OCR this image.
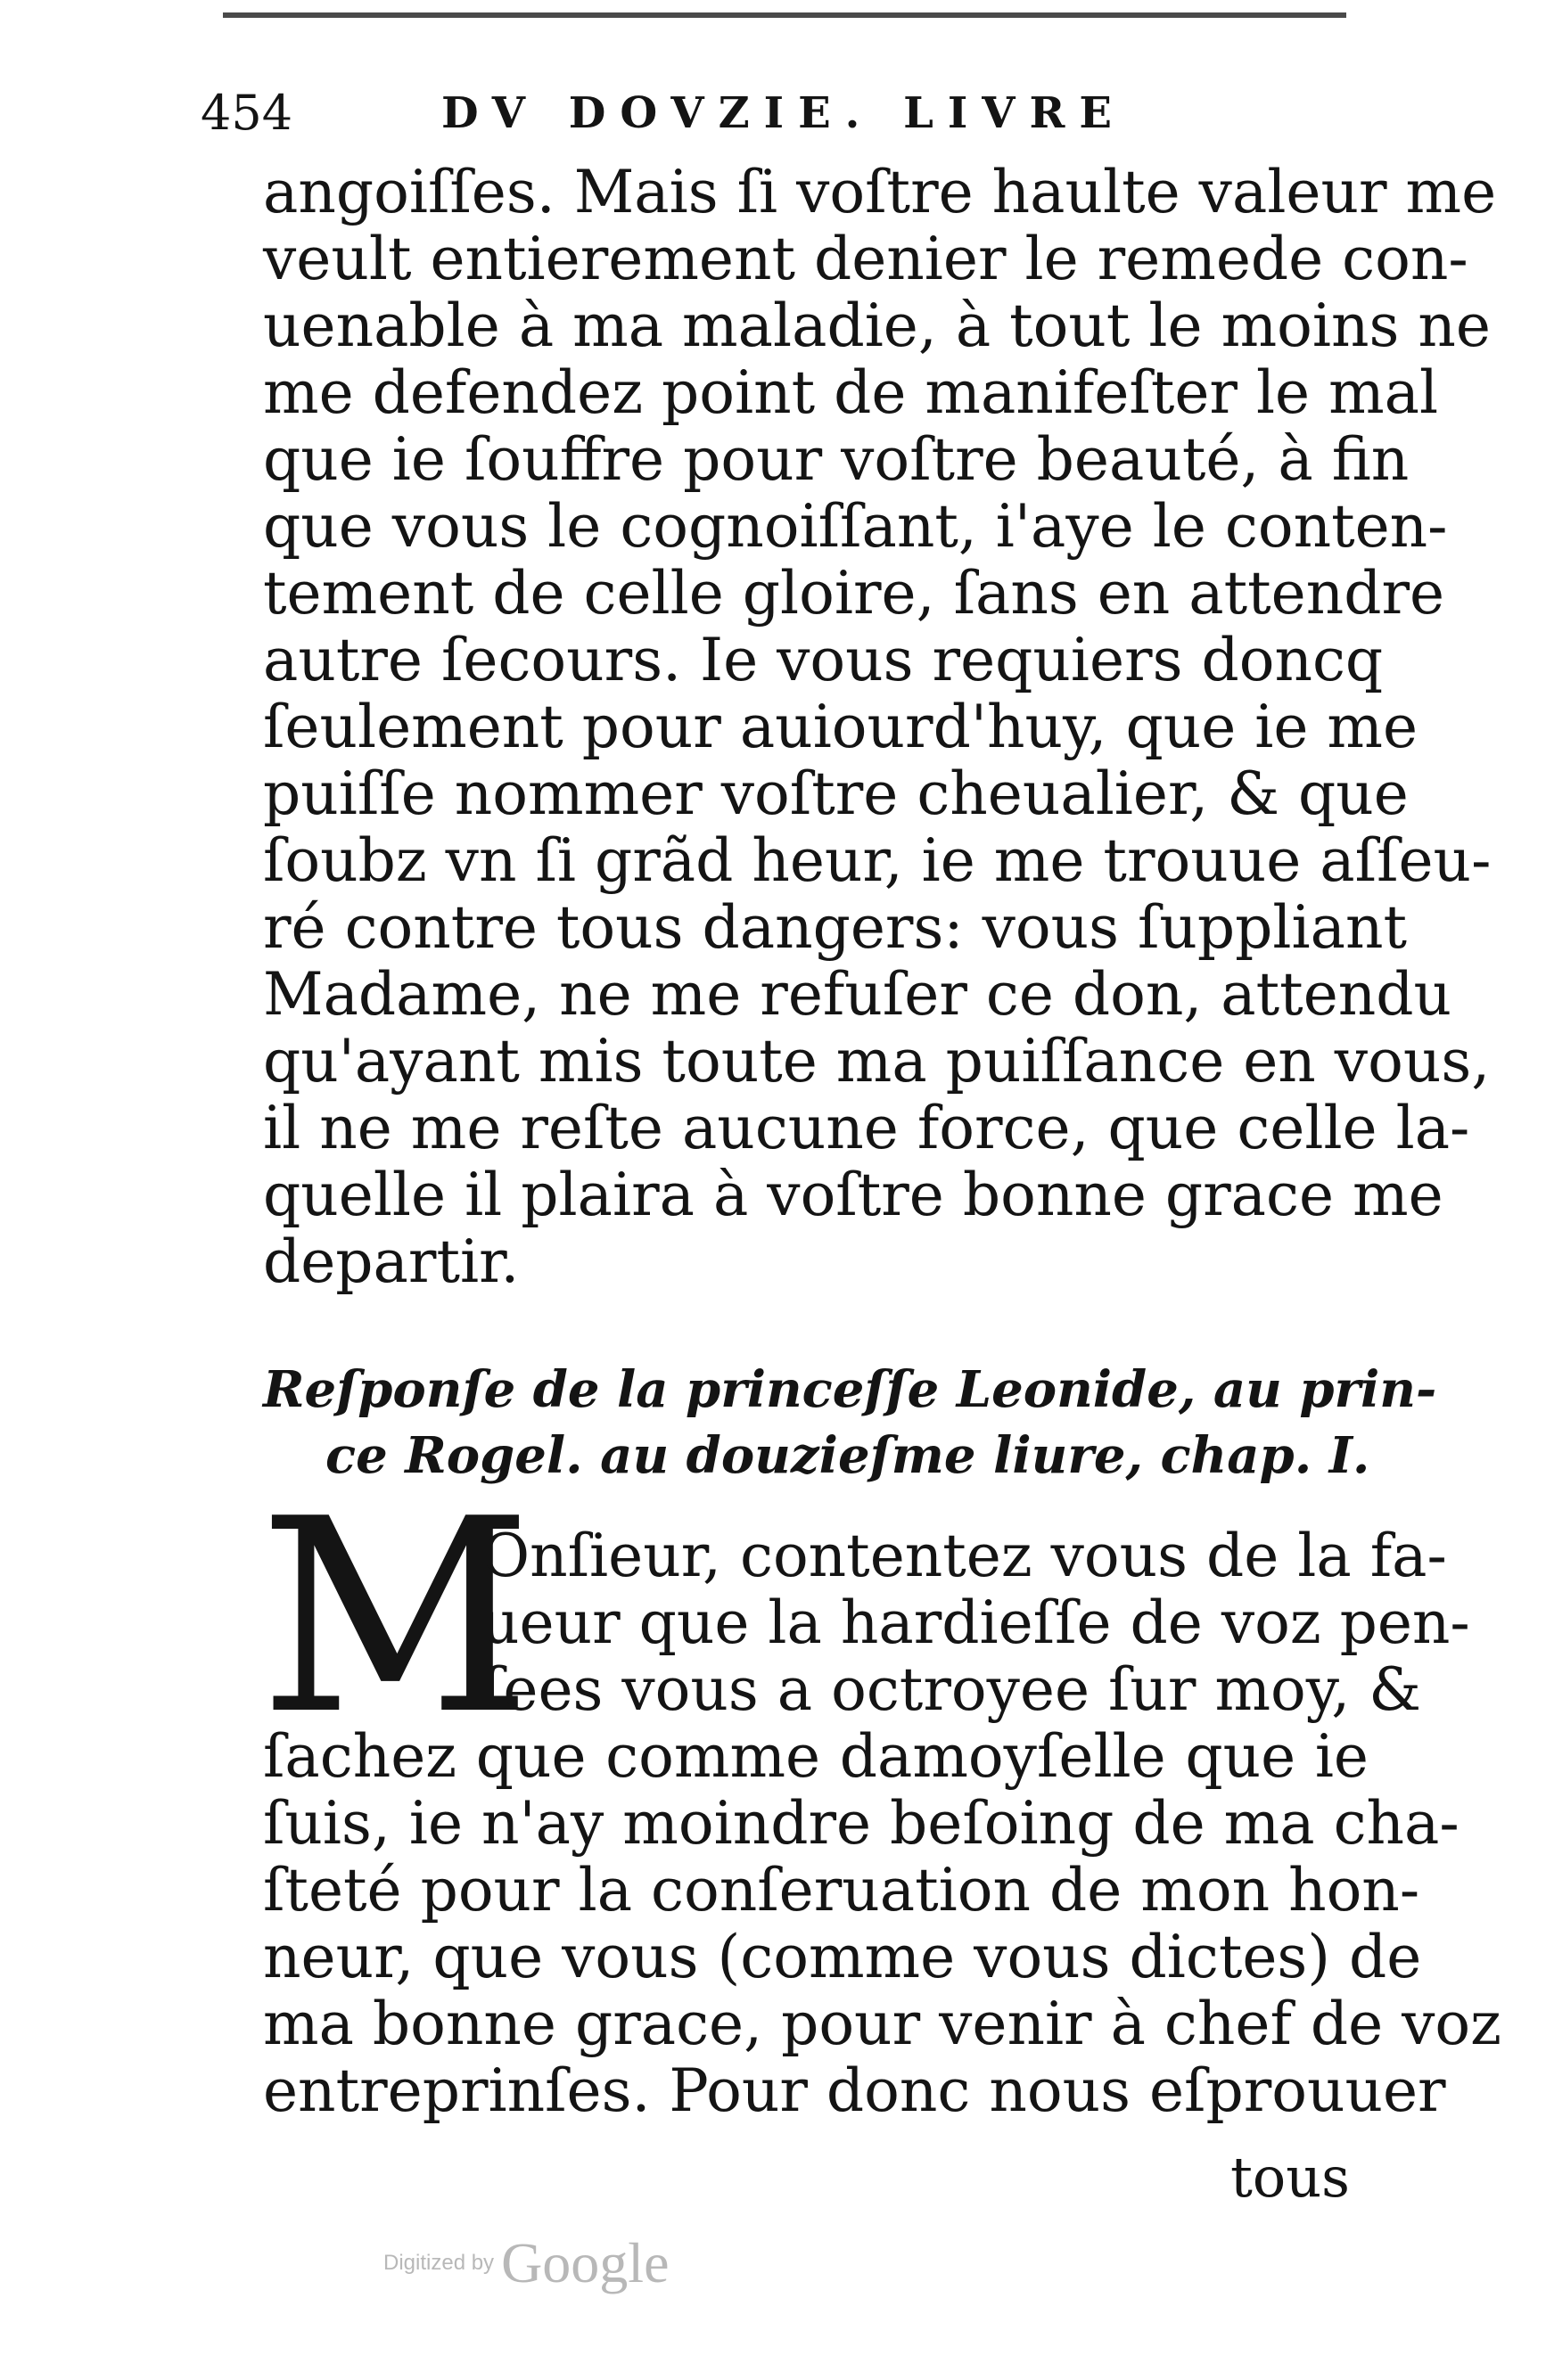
454	DV DOVZIE. LIVRE
angoiſſes. Mais ſi voſtre haulte valeur me
veult entierement denier le remede con-
uenable à ma maladie, à tout le moins ne
me defendez point de manifeſter le mal
que ie ſouffre pour voſtre beauté, à fin
que vous le cognoiſſant, i'aye le conten-
tement de celle gloire, ſans en attendre
autre ſecours. Ie vous requiers doncq
ſeulement pour auiourd'huy, que ie me
puiſſe nommer voſtre cheualier, & que
ſoubz vn ſi grãd heur, ie me trouue aſſeu-
ré contre tous dangers: vous ſuppliant
Madame, ne me refuſer ce don, attendu
qu'ayant mis toute ma puiſſance en vous,
il ne me reſte aucune force, que celle la-
quelle il plaira à voſtre bonne grace me
departir.
Reſponſe de la princeſſe Leonide, au prin-
ce Rogel. au douzieſme liure, chap. I.
M
Onſieur, contentez vous de la fa-
ueur que la hardieſſe de voz pen-
ſees vous a octroyee ſur moy, &
ſachez que comme damoyſelle que ie
ſuis, ie n'ay moindre beſoing de ma cha-
ſteté pour la conſeruation de mon hon-
neur, que vous (comme vous dictes) de
ma bonne grace, pour venir à chef de voz
entreprinſes. Pour donc nous eſprouuer
tous
Digitized by Google
